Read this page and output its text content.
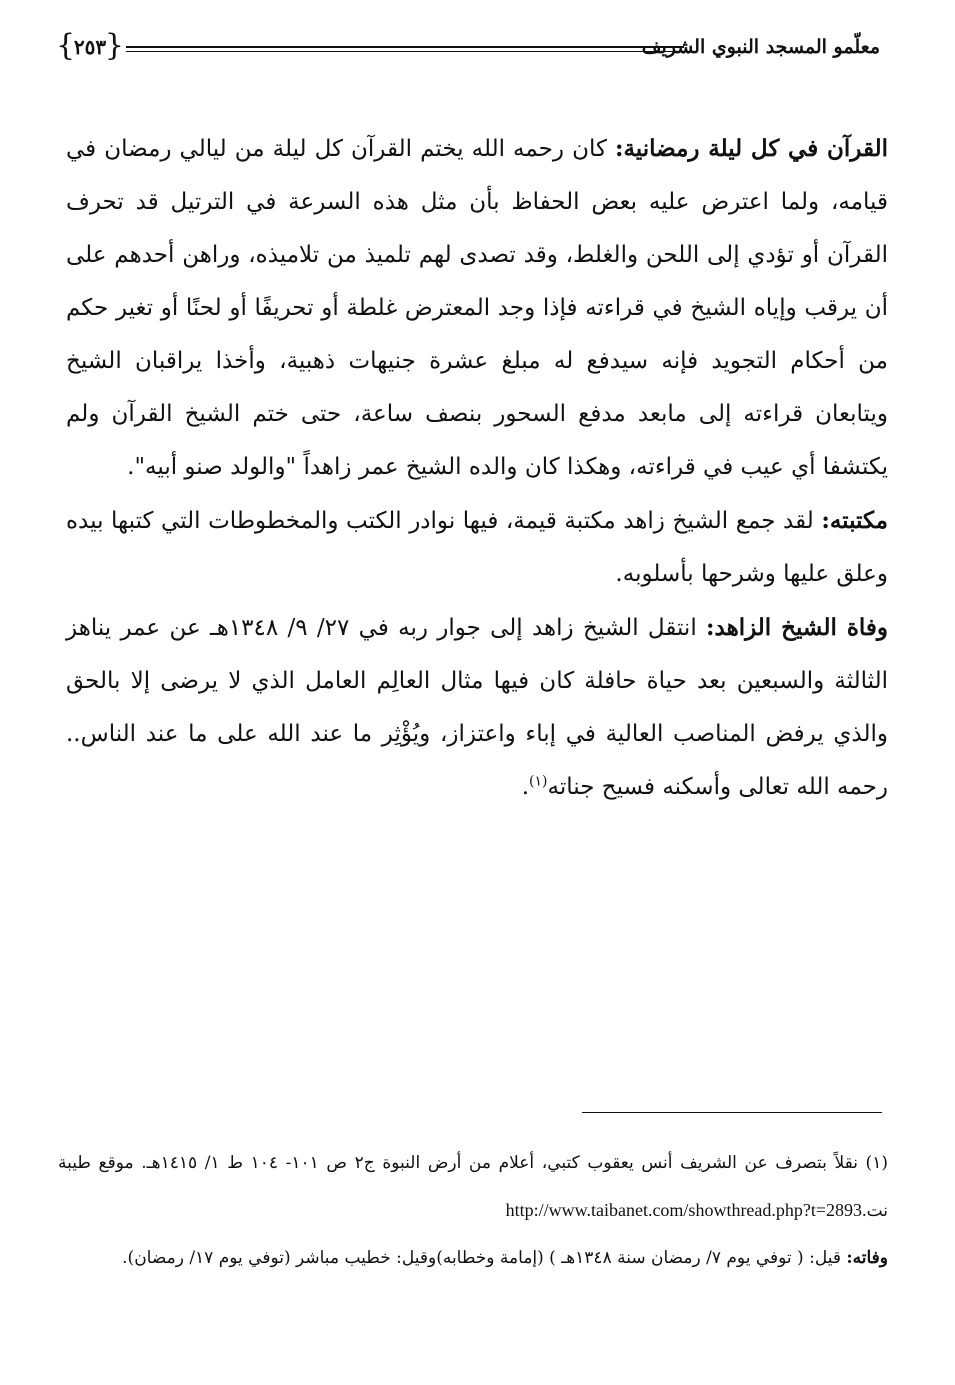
معلّمو المسجد النبوي الشريف
{ ٢٥٣ }

القرآن في كل ليلة رمضانية: كان رحمه الله يختم القرآن كل ليلة من ليالي رمضان في قيامه، ولما اعترض عليه بعض الحفاظ بأن مثل هذه السرعة في الترتيل قد تحرف القرآن أو تؤدي إلى اللحن والغلط، وقد تصدى لهم تلميذ من تلاميذه، وراهن أحدهم على أن يرقب وإياه الشيخ في قراءته فإذا وجد المعترض غلطة أو تحريفًا أو لحنًا أو تغير حكم من أحكام التجويد فإنه سيدفع له مبلغ عشرة جنيهات ذهبية، وأخذا يراقبان الشيخ ويتابعان قراءته إلى مابعد مدفع السحور بنصف ساعة، حتى ختم الشيخ القرآن ولم يكتشفا أي عيب في قراءته، وهكذا كان والده الشيخ عمر زاهداً "والولد صنو أبيه".

مكتبته: لقد جمع الشيخ زاهد مكتبة قيمة، فيها نوادر الكتب والمخطوطات التي كتبها بيده وعلق عليها وشرحها بأسلوبه.

وفاة الشيخ الزاهد: انتقل الشيخ زاهد إلى جوار ربه في ٢٧/ ٩/ ١٣٤٨هـ عن عمر يناهز الثالثة والسبعين بعد حياة حافلة كان فيها مثال العالِم العامل الذي لا يرضى إلا بالحق والذي يرفض المناصب العالية في إباء واعتزاز، ويُؤْثِر ما عند الله على ما عند الناس.. رحمه الله تعالى وأسكنه فسيح جناته$^{(١)}$.

(١) نقلاً بتصرف عن الشريف أنس يعقوب كتبي، أعلام من أرض النبوة ج٢ ص ١٠١- ١٠٤ ط ١/ ١٤١٥هـ. موقع طيبة نتhttp://www.taibanet.com/showthread.php?t=2893.

وفاته: قيل: ( توفي يوم ٧/ رمضان سنة ١٣٤٨هـ ) (إمامة وخطابه)وقيل: خطيب مباشر (توفي يوم ١٧/ رمضان).
